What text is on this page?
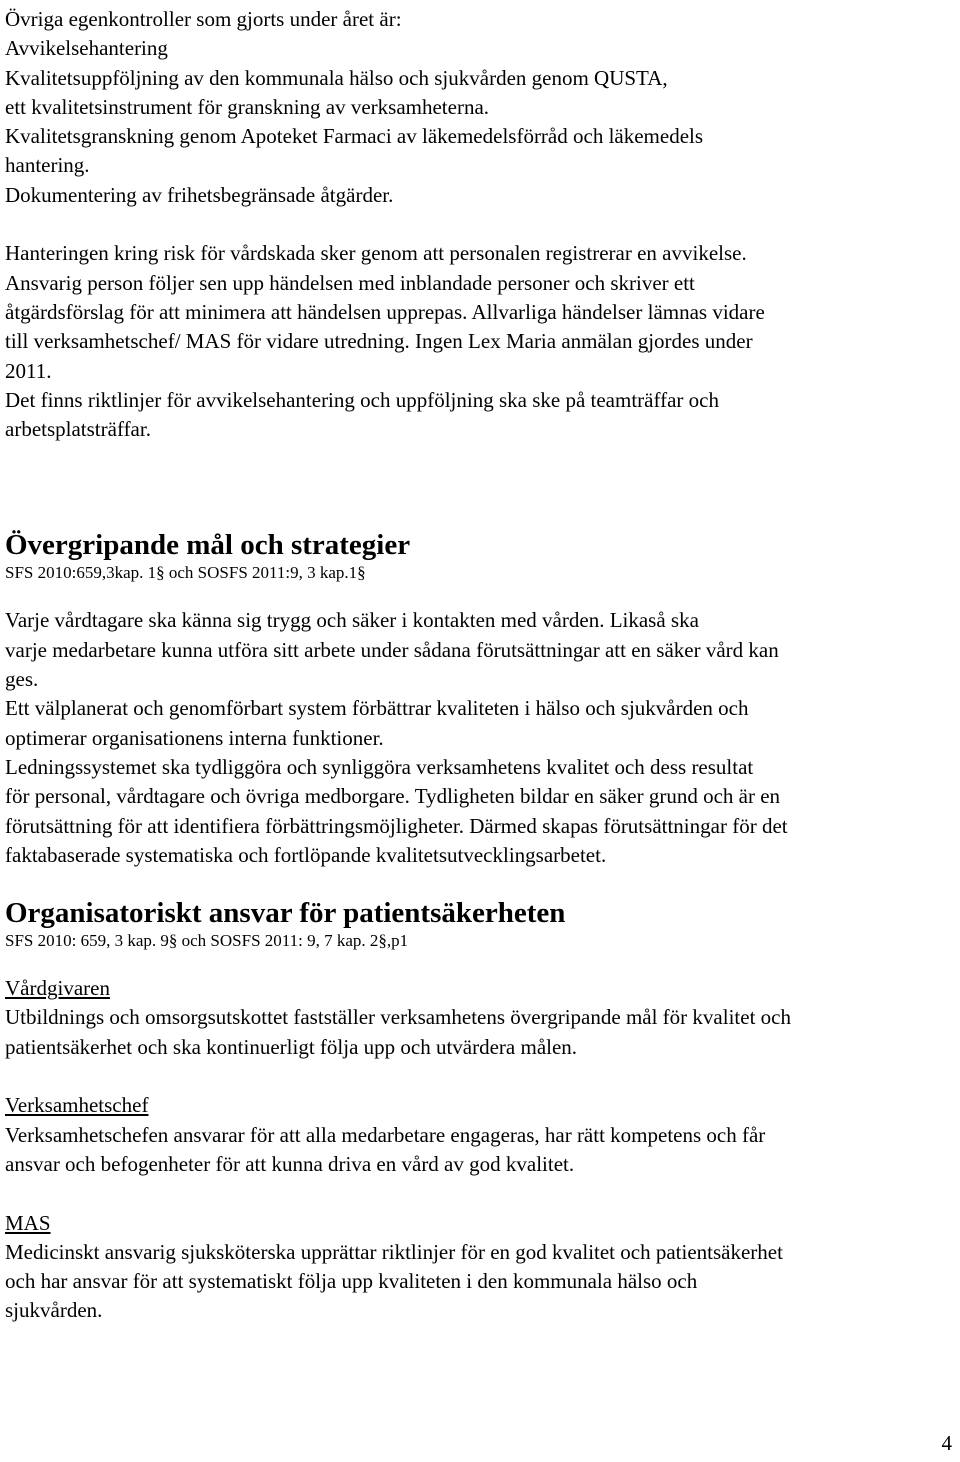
Övriga egenkontroller som gjorts under året är:

Avvikelsehantering

Kvalitetsuppföljning av den kommunala hälso och sjukvården genom QUSTA,

ett kvalitetsinstrument för granskning av verksamheterna.

Kvalitetsgranskning genom Apoteket Farmaci av läkemedelsförråd och läkemedels

hantering.

Dokumentering av frihetsbegränsade åtgärder.

Hanteringen kring risk för vårdskada sker genom att personalen registrerar en avvikelse.

Ansvarig person följer sen upp händelsen med inblandade personer och skriver ett

åtgärdsförslag för att minimera att händelsen upprepas. Allvarliga händelser lämnas vidare

till verksamhetschef/ MAS för vidare utredning. Ingen Lex Maria anmälan gjordes under

2011.

Det finns riktlinjer för avvikelsehantering och uppföljning ska ske på teamträffar och

arbetsplatsträffar.

Övergripande mål och strategier

SFS 2010:659,3kap. 1§ och SOSFS 2011:9, 3 kap.1§

Varje vårdtagare ska känna sig trygg och säker i kontakten med vården. Likaså ska

varje medarbetare kunna utföra sitt arbete under sådana förutsättningar att en säker vård kan

ges.

Ett välplanerat och genomförbart system förbättrar kvaliteten i hälso och sjukvården och

optimerar organisationens interna funktioner.

Ledningssystemet ska tydliggöra och synliggöra verksamhetens kvalitet och dess resultat

för personal, vårdtagare och övriga medborgare. Tydligheten bildar en säker grund och är en

förutsättning för att identifiera förbättringsmöjligheter. Därmed skapas förutsättningar för det

faktabaserade systematiska och fortlöpande kvalitetsutvecklingsarbetet.

Organisatoriskt ansvar för patientsäkerheten

SFS 2010: 659, 3 kap. 9§ och SOSFS 2011: 9, 7 kap. 2§,p1

Vårdgivaren

Utbildnings och omsorgsutskottet fastställer verksamhetens övergripande mål för kvalitet och

patientsäkerhet och ska kontinuerligt följa upp och utvärdera målen.

Verksamhetschef

Verksamhetschefen ansvarar för att alla medarbetare engageras, har rätt kompetens och får

ansvar och befogenheter för att kunna driva en vård av god kvalitet.

MAS

Medicinskt ansvarig sjuksköterska upprättar riktlinjer för en god kvalitet och patientsäkerhet

och har ansvar för att systematiskt följa upp kvaliteten i den kommunala hälso och

sjukvården.

4
